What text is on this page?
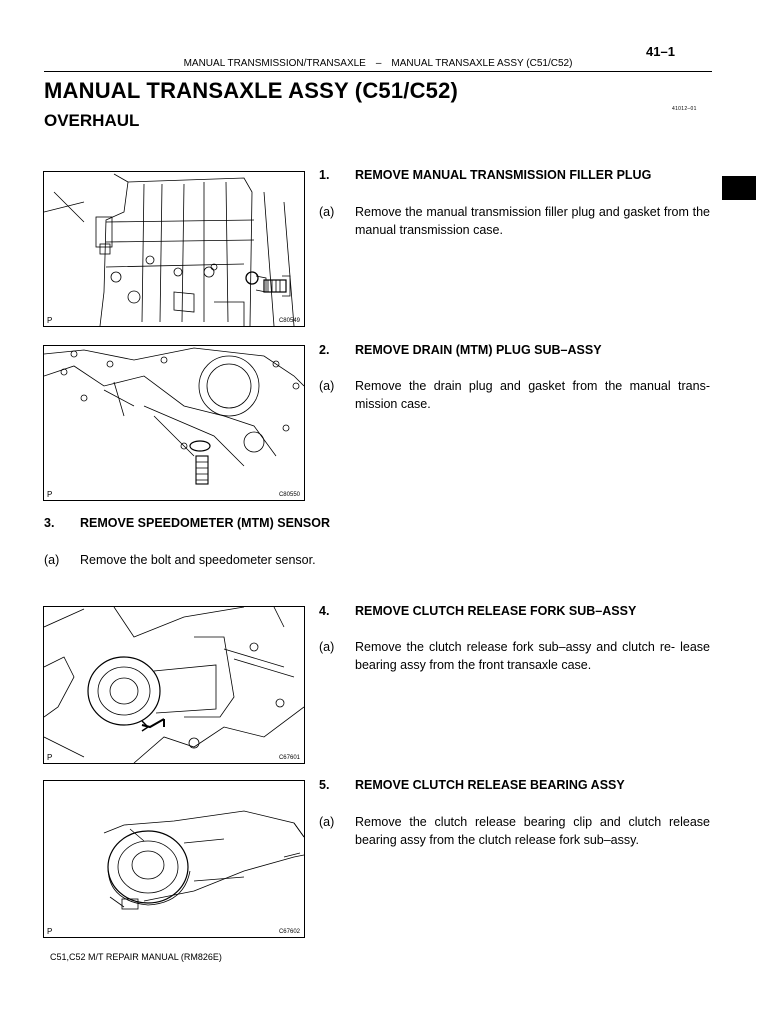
41–1
MANUAL TRANSMISSION/TRANSAXLE – MANUAL TRANSAXLE ASSY (C51/C52)
MANUAL TRANSAXLE ASSY (C51/C52)
OVERHAUL
41012–01
P	C80549
P	C80550
P	C67601
P	C67602
1. REMOVE MANUAL TRANSMISSION FILLER PLUG
(a) Remove the manual transmission filler plug and gasket from the manual transmission case.
2. REMOVE DRAIN (MTM) PLUG SUB–ASSY
(a) Remove the drain plug and gasket from the manual trans- mission case.
3. REMOVE SPEEDOMETER (MTM) SENSOR
(a) Remove the bolt and speedometer sensor.
4. REMOVE CLUTCH RELEASE FORK SUB–ASSY
(a) Remove the clutch release fork sub–assy and clutch re- lease bearing assy from the front transaxle case.
5. REMOVE CLUTCH RELEASE BEARING ASSY
(a) Remove the clutch release bearing clip and clutch release bearing assy from the clutch release fork sub–assy.
C51,C52 M/T REPAIR MANUAL (RM826E)
